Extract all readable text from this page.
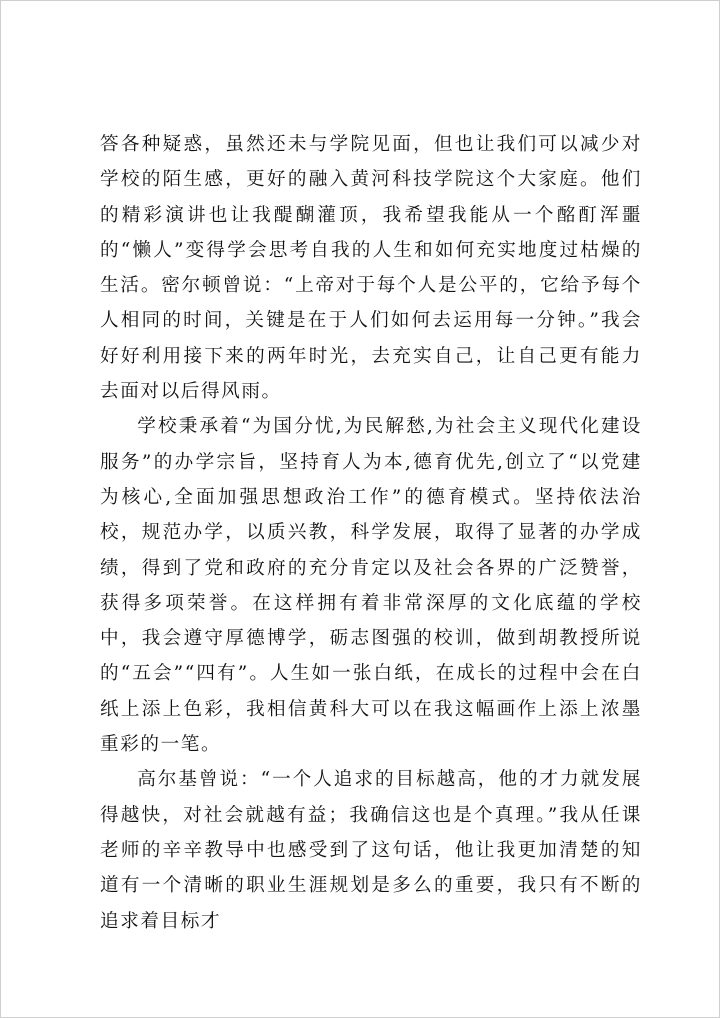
答各种疑惑，虽然还未与学院见面，但也让我们可以减少对学校的陌生感，更好的融入黄河科技学院这个大家庭。他们的精彩演讲也让我醍醐灌顶，我希望我能从一个酩酊浑噩的“懒人”变得学会思考自我的人生和如何充实地度过枯燥的生活。密尔顿曾说：“上帝对于每个人是公平的，它给予每个人相同的时间，关键是在于人们如何去运用每一分钟。”我会好好利用接下来的两年时光，去充实自己，让自己更有能力去面对以后得风雨。

学校秉承着“为国分忧,为民解愁,为社会主义现代化建设服务”的办学宗旨，坚持育人为本,德育优先,创立了“以党建为核心,全面加强思想政治工作”的德育模式。坚持依法治校，规范办学，以质兴教，科学发展，取得了显著的办学成绩，得到了党和政府的充分肯定以及社会各界的广泛赞誉，获得多项荣誉。在这样拥有着非常深厚的文化底蕴的学校中，我会遵守厚德博学，砺志图强的校训，做到胡教授所说的“五会”“四有”。人生如一张白纸，在成长的过程中会在白纸上添上色彩，我相信黄科大可以在我这幅画作上添上浓墨重彩的一笔。

高尔基曾说：“一个人追求的目标越高，他的才力就发展得越快，对社会就越有益；我确信这也是个真理。”我从任课老师的辛辛教导中也感受到了这句话，他让我更加清楚的知道有一个清晰的职业生涯规划是多么的重要，我只有不断的追求着目标才
